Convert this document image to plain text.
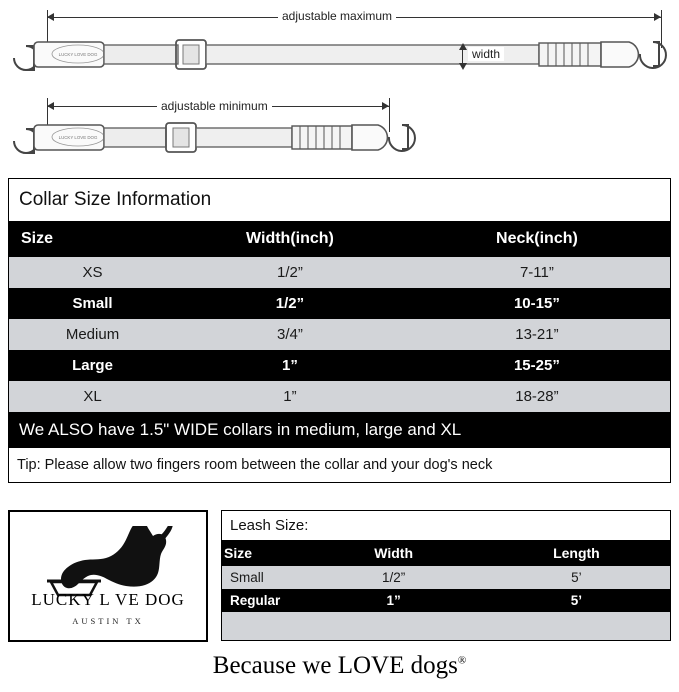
adjustable maximum
LUCKY LOVE DOG	width
adjustable minimum
LUCKY LOVE DOG
Collar Size Information
Size	Width(inch)	Neck(inch)
XS	1/2”	7-11”
Small	1/2”	10-15”
Medium	3/4”	13-21”
Large	1”	15-25”
XL	1”	18-28”
We ALSO have 1.5" WIDE collars in medium, large and XL
Tip: Please allow two fingers room between the collar and your dog's neck
LUCKY L VE DOG
AUSTIN TX
Leash Size:
Size	Width	Length
Small	1/2”	5’
Regular	1”	5’

Because we LOVE dogs®
